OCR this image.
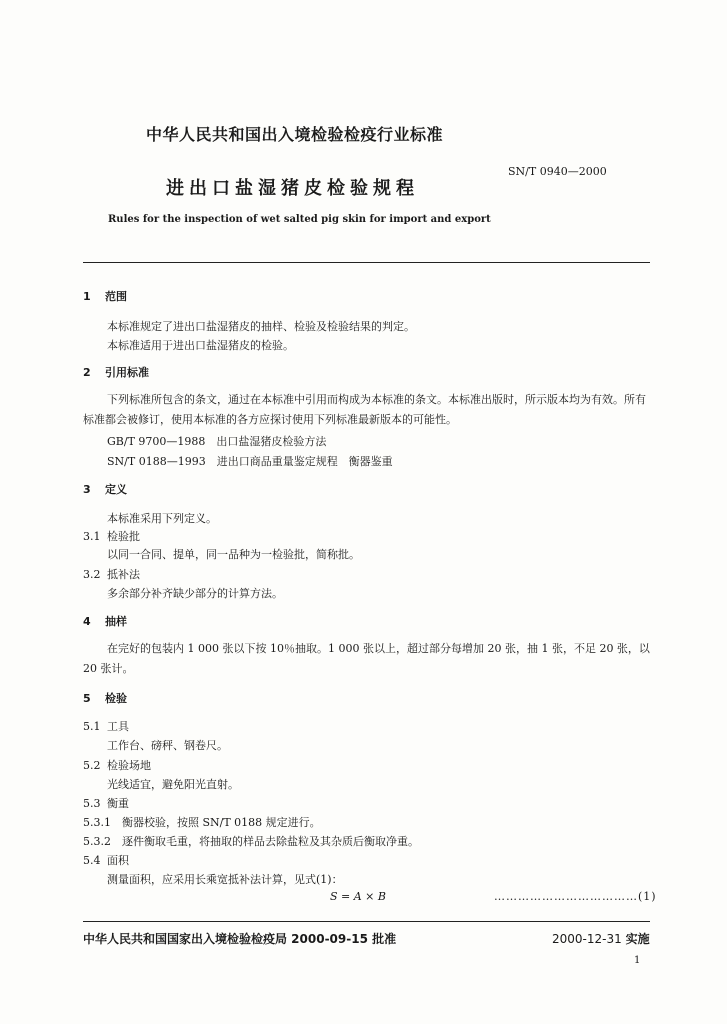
中华人民共和国出入境检验检疫行业标准
SN/T 0940—2000
进出口盐湿猪皮检验规程
Rules for the inspection of wet salted pig skin for import and export
1 范围
本标准规定了进出口盐湿猪皮的抽样、检验及检验结果的判定。
本标准适用于进出口盐湿猪皮的检验。
2 引用标准
下列标准所包含的条文，通过在本标准中引用而构成为本标准的条文。本标准出版时，所示版本均为有效。所有标准都会被修订，使用本标准的各方应探讨使用下列标准最新版本的可能性。
GB/T 9700—1988　出口盐湿猪皮检验方法
SN/T 0188—1993　进出口商品重量鉴定规程　衡器鉴重
3 定义
本标准采用下列定义。
3.1 检验批
以同一合同、提单，同一品种为一检验批，简称批。
3.2 抵补法
多余部分补齐缺少部分的计算方法。
4 抽样
在完好的包装内 1 000 张以下按 10％抽取。1 000 张以上，超过部分每增加 20 张，抽 1 张，不足 20 张，以 20 张计。
5 检验
5.1 工具
工作台、磅秤、钢卷尺。
5.2 检验场地
光线适宜，避免阳光直射。
5.3 衡重
5.3.1　衡器校验，按照 SN/T 0188 规定进行。
5.3.2　逐件衡取毛重，将抽取的样品去除盐粒及其杂质后衡取净重。
5.4 面积
测量面积，应采用长乘宽抵补法计算，见式(1)：
S = A × B	………………………………(1)
中华人民共和国国家出入境检验检疫局 2000-09-15 批准	2000-12-31 实施
1
